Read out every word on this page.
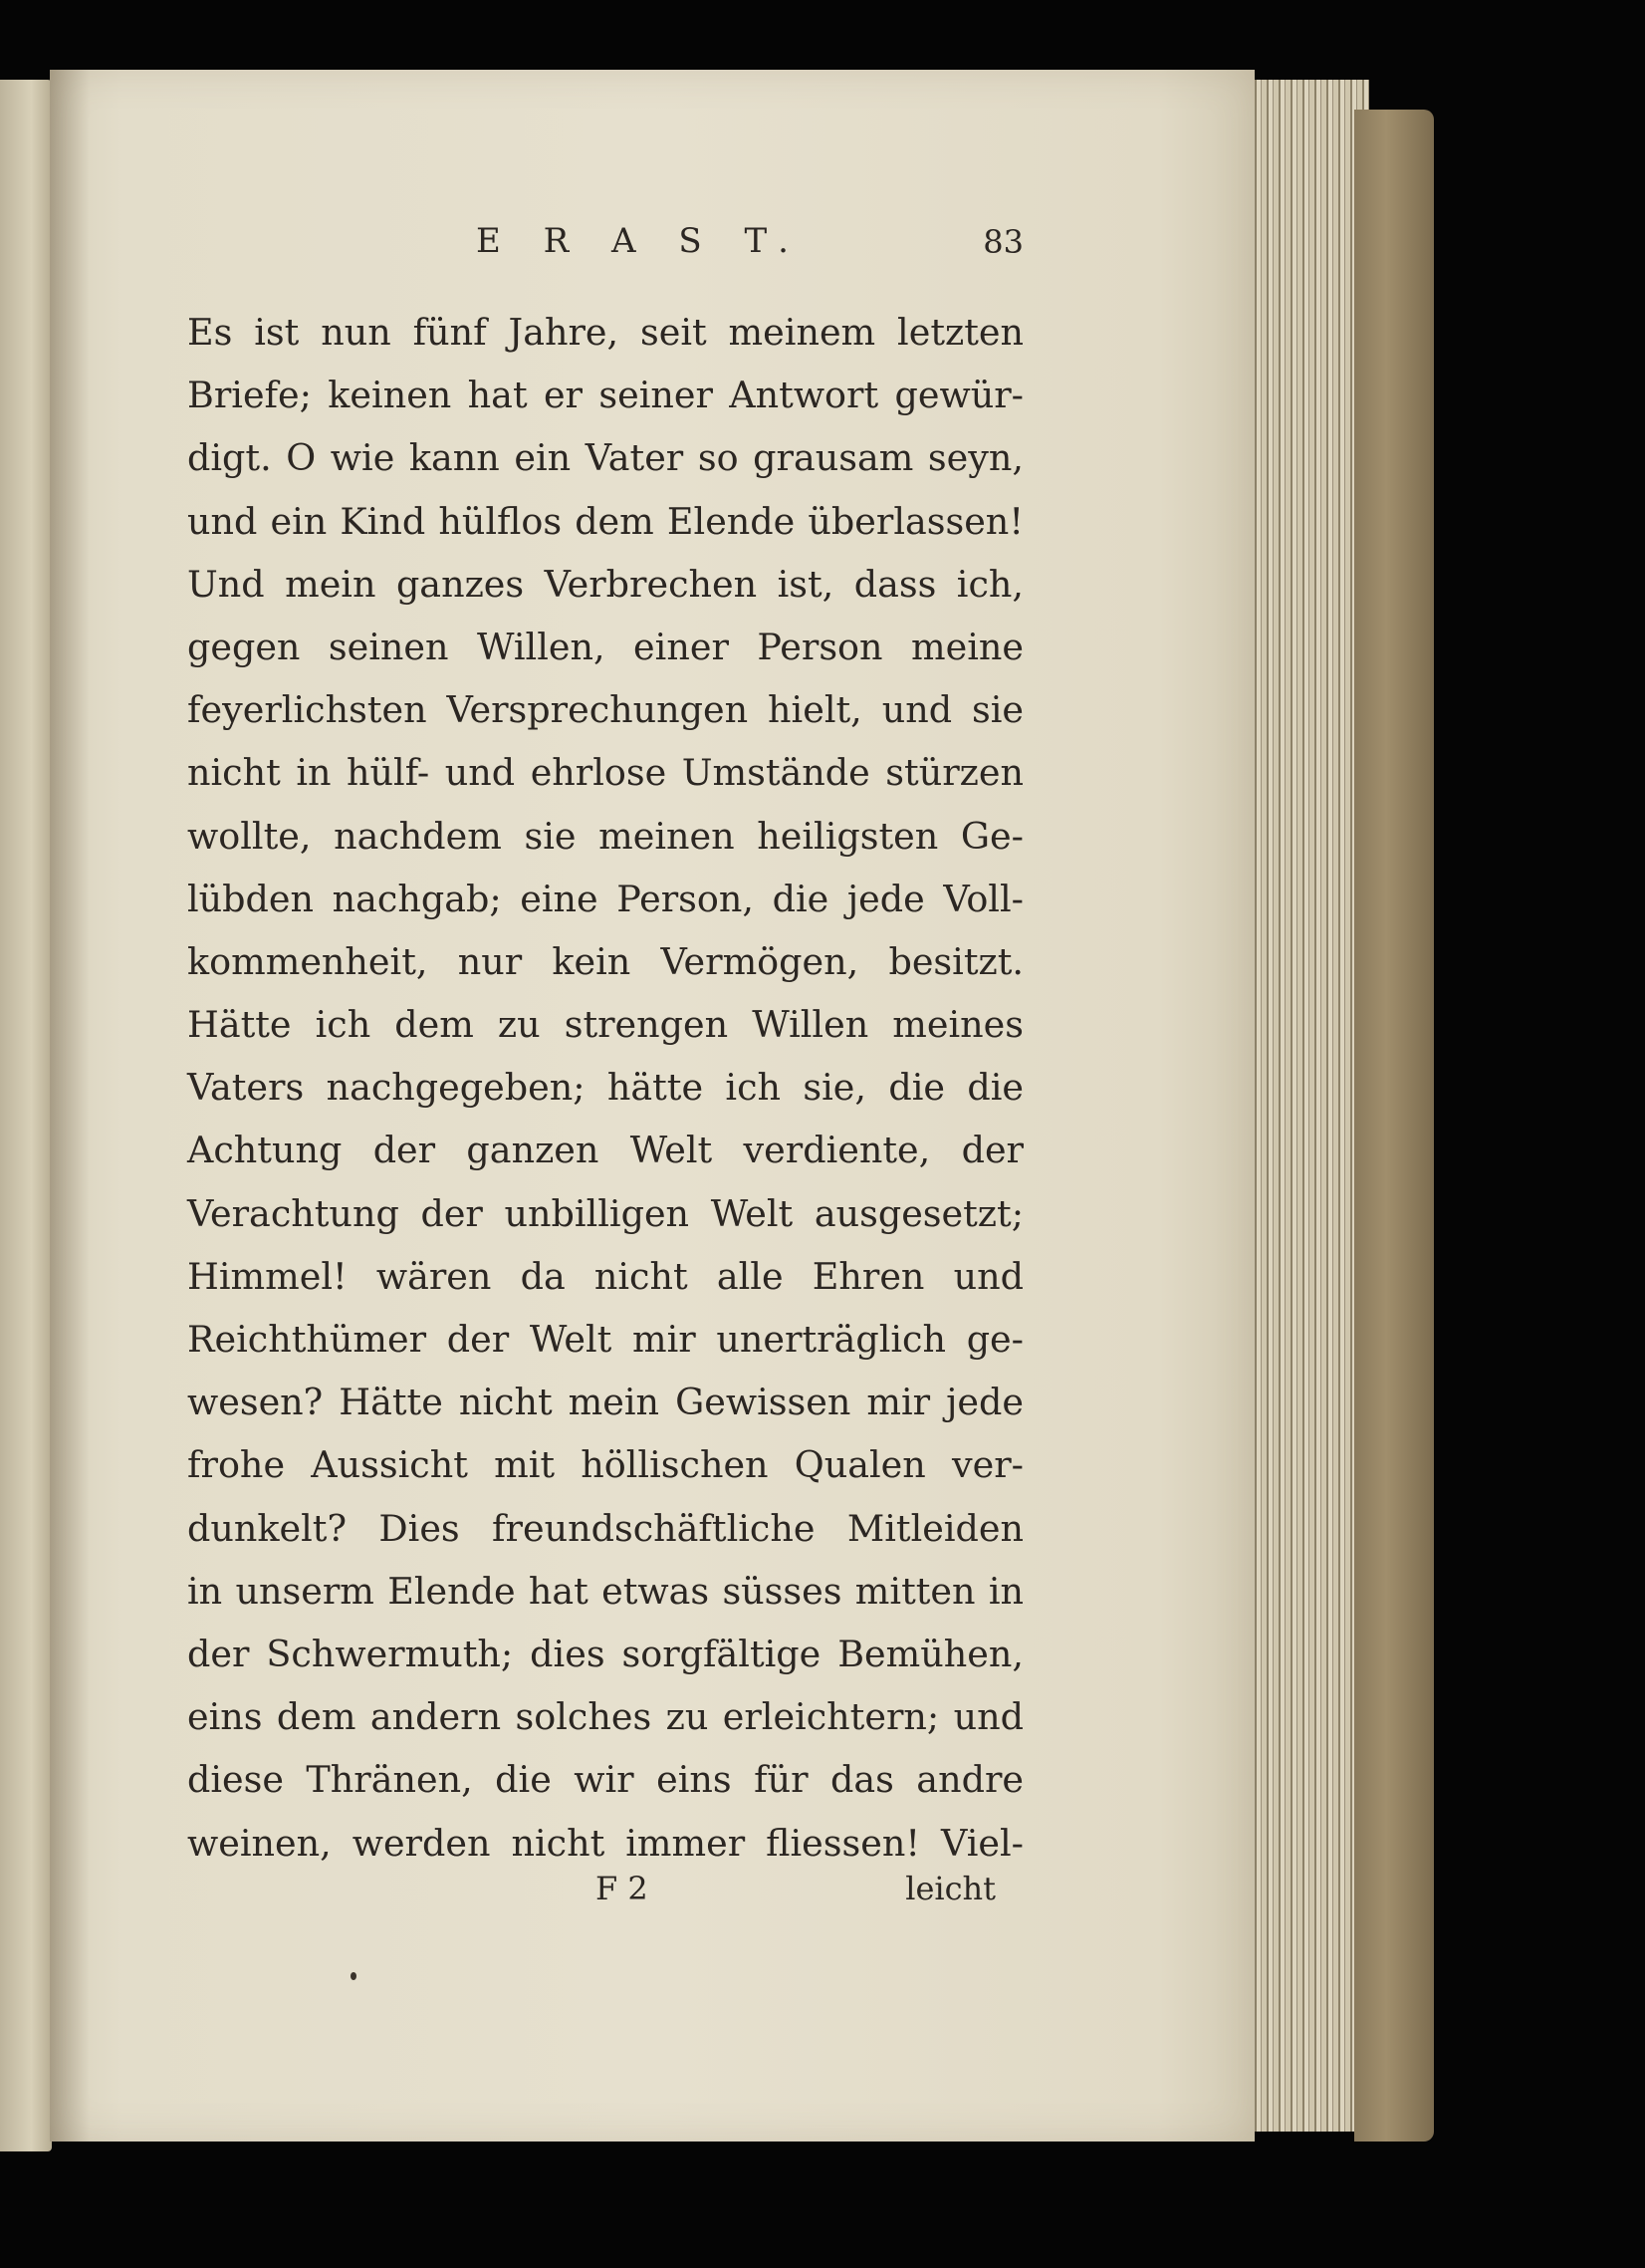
E R A S T.	83
Es ist nun fünf Jahre, seit meinem letzten
Briefe; keinen hat er seiner Antwort gewür-
digt. O wie kann ein Vater so grausam seyn,
und ein Kind hülflos dem Elende überlassen!
Und mein ganzes Verbrechen ist, dass ich,
gegen seinen Willen, einer Person meine
feyerlichsten Versprechungen hielt, und sie
nicht in hülf- und ehrlose Umstände stürzen
wollte, nachdem sie meinen heiligsten Ge-
lübden nachgab; eine Person, die jede Voll-
kommenheit, nur kein Vermögen, besitzt.
Hätte ich dem zu strengen Willen meines
Vaters nachgegeben; hätte ich sie, die die
Achtung der ganzen Welt verdiente, der
Verachtung der unbilligen Welt ausgesetzt;
Himmel! wären da nicht alle Ehren und
Reichthümer der Welt mir unerträglich ge-
wesen? Hätte nicht mein Gewissen mir jede
frohe Aussicht mit höllischen Qualen ver-
dunkelt? Dies freundschäftliche Mitleiden
in unserm Elende hat etwas süsses mitten in
der Schwermuth; dies sorgfältige Bemühen,
eins dem andern solches zu erleichtern; und
diese Thränen, die wir eins für das andre
weinen, werden nicht immer fliessen! Viel-
F 2	leicht
